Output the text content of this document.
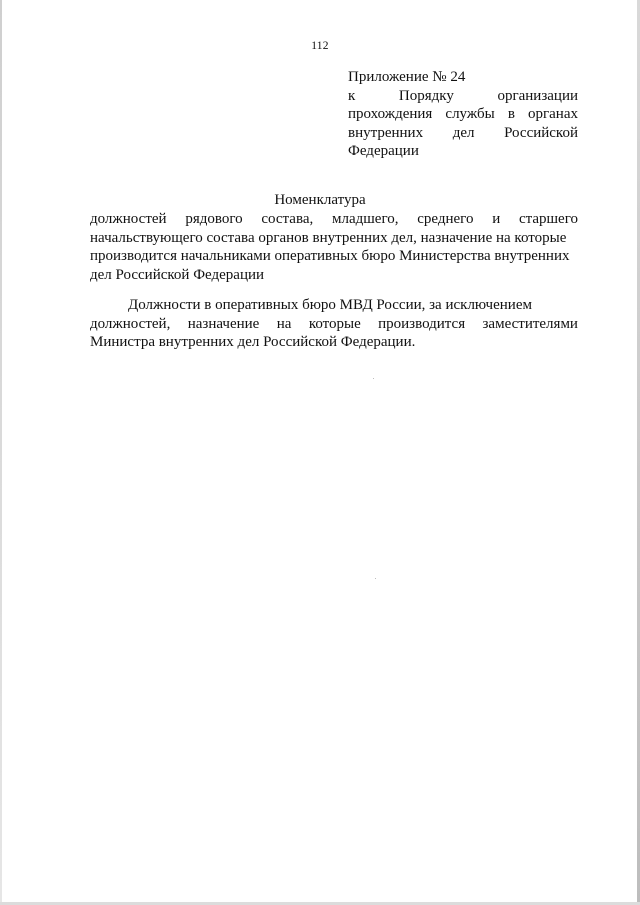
112
Приложение № 24
к	Порядку	организации
прохождения службы в органах
внутренних дел Российской
Федерации
Номенклатура
должностей рядового состава, младшего, среднего и старшего
начальствующего состава органов внутренних дел, назначение на которые
производится начальниками оперативных бюро Министерства внутренних
дел Российской Федерации
Должности в оперативных бюро МВД России, за исключением
должностей, назначение на которые производится заместителями
Министра внутренних дел Российской Федерации.
